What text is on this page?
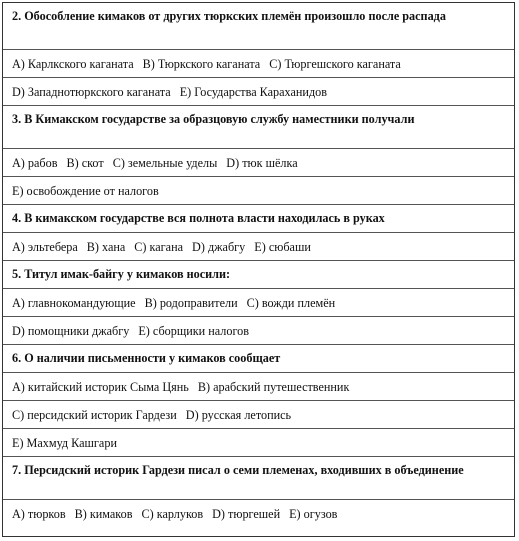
2. Обособление кимаков от других тюркских племён произошло после распада
A) Карлкского каганата B) Тюркского каганата C) Тюргешского каганата
D) Западнотюркского каганата E) Государства Караханидов
3. В Кимакском государстве за образцовую службу наместники получали
A) рабов B) скот C) земельные уделы D) тюк шёлка
E) освобождение от налогов
4. В кимакском государстве вся полнота власти находилась в руках
A) эльтебера B) хана C) кагана D) джабгу E) сюбаши
5. Титул имак-байгу у кимаков носили:
A) главнокомандующие B) родоправители C) вожди племён
D) помощники джабгу E) сборщики налогов
6. О наличии письменности у кимаков сообщает
A) китайский историк Сыма Цянь B) арабский путешественник
C) персидский историк Гардези D) русская летопись
E) Махмуд Кашгари
7. Персидский историк Гардези писал о семи племенах, входивших в объединение
A) тюрков B) кимаков C) карлуков D) тюргешей E) огузов
